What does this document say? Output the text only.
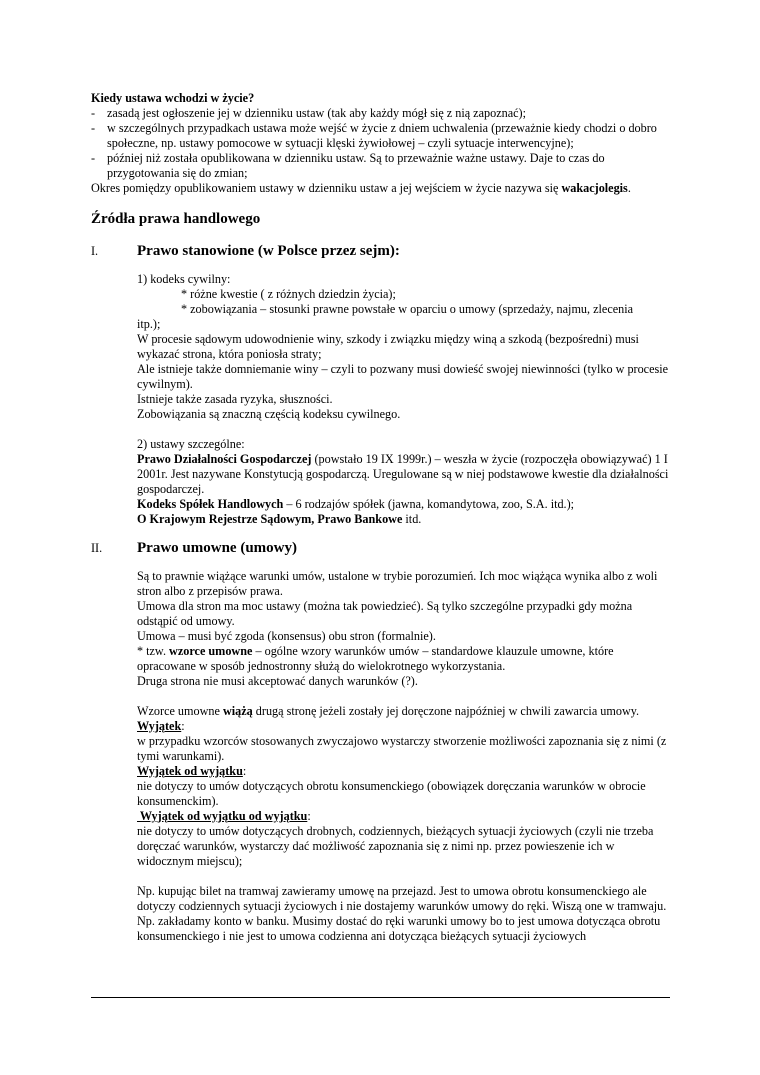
Kiedy ustawa wchodzi w życie?

- zasadą jest ogłoszenie jej w dzienniku ustaw (tak aby każdy mógł się z nią zapoznać);
- w szczególnych przypadkach ustawa może wejść w życie z dniem uchwalenia (przeważnie kiedy chodzi o dobro społeczne, np. ustawy pomocowe w sytuacji klęski żywiołowej – czyli sytuacje interwencyjne);
- później niż została opublikowana w dzienniku ustaw. Są to przeważnie ważne ustawy. Daje to czas do przygotowania się do zmian;

Okres pomiędzy opublikowaniem ustawy w dzienniku ustaw a jej wejściem w życie nazywa się wakacjolegis.

Źródła prawa handlowego
I.	Prawo stanowione (w Polsce przez sejm):

1) kodeks cywilny:

* różne kwestie ( z różnych dziedzin życia);

* zobowiązania – stosunki prawne powstałe w oparciu o umowy (sprzedaży, najmu, zlecenia

itp.);

W procesie sądowym udowodnienie winy, szkody i związku między winą a szkodą (bezpośredni) musi wykazać strona, która poniosła straty;

Ale istnieje także domniemanie winy – czyli to pozwany musi dowieść swojej niewinności (tylko w procesie cywilnym).

Istnieje także zasada ryzyka, słuszności.

Zobowiązania są znaczną częścią kodeksu cywilnego.

2) ustawy szczególne:

Prawo Działalności Gospodarczej (powstało 19 IX 1999r.) – weszła w życie (rozpoczęła obowiązywać) 1 I 2001r. Jest nazywane Konstytucją gospodarczą. Uregulowane są w niej podstawowe kwestie dla działalności gospodarczej.

Kodeks Spółek Handlowych – 6 rodzajów spółek (jawna, komandytowa, zoo, S.A. itd.);

O Krajowym Rejestrze Sądowym, Prawo Bankowe itd.

II. Prawo umowne (umowy)

Są to prawnie wiążące warunki umów, ustalone w trybie porozumień. Ich moc wiążąca wynika albo z woli stron albo z przepisów prawa.

Umowa dla stron ma moc ustawy (można tak powiedzieć). Są tylko szczególne przypadki gdy można odstąpić od umowy.

Umowa – musi być zgoda (konsensus) obu stron (formalnie).

* tzw. wzorce umowne – ogólne wzory warunków umów – standardowe klauzule umowne, które opracowane w sposób jednostronny służą do wielokrotnego wykorzystania.

Druga strona nie musi akceptować danych warunków (?).

Wzorce umowne wiążą drugą stronę jeżeli zostały jej doręczone najpóźniej w chwili zawarcia umowy.

Wyjątek:

w przypadku wzorców stosowanych zwyczajowo wystarczy stworzenie możliwości zapoznania się z nimi (z tymi warunkami).

Wyjątek od wyjątku:

nie dotyczy to umów dotyczących obrotu konsumenckiego (obowiązek doręczania warunków w obrocie konsumenckim).

Wyjątek od wyjątku od wyjątku:

nie dotyczy to umów dotyczących drobnych, codziennych, bieżących sytuacji życiowych (czyli nie trzeba doręczać warunków, wystarczy dać możliwość zapoznania się z nimi np. przez powieszenie ich w widocznym miejscu);

Np. kupując bilet na tramwaj zawieramy umowę na przejazd. Jest to umowa obrotu konsumenckiego ale dotyczy codziennych sytuacji życiowych i nie dostajemy warunków umowy do ręki. Wiszą one w tramwaju.

Np. zakładamy konto w banku. Musimy dostać do ręki warunki umowy bo to jest umowa dotycząca obrotu konsumenckiego i nie jest to umowa codzienna ani dotycząca bieżących sytuacji życiowych
